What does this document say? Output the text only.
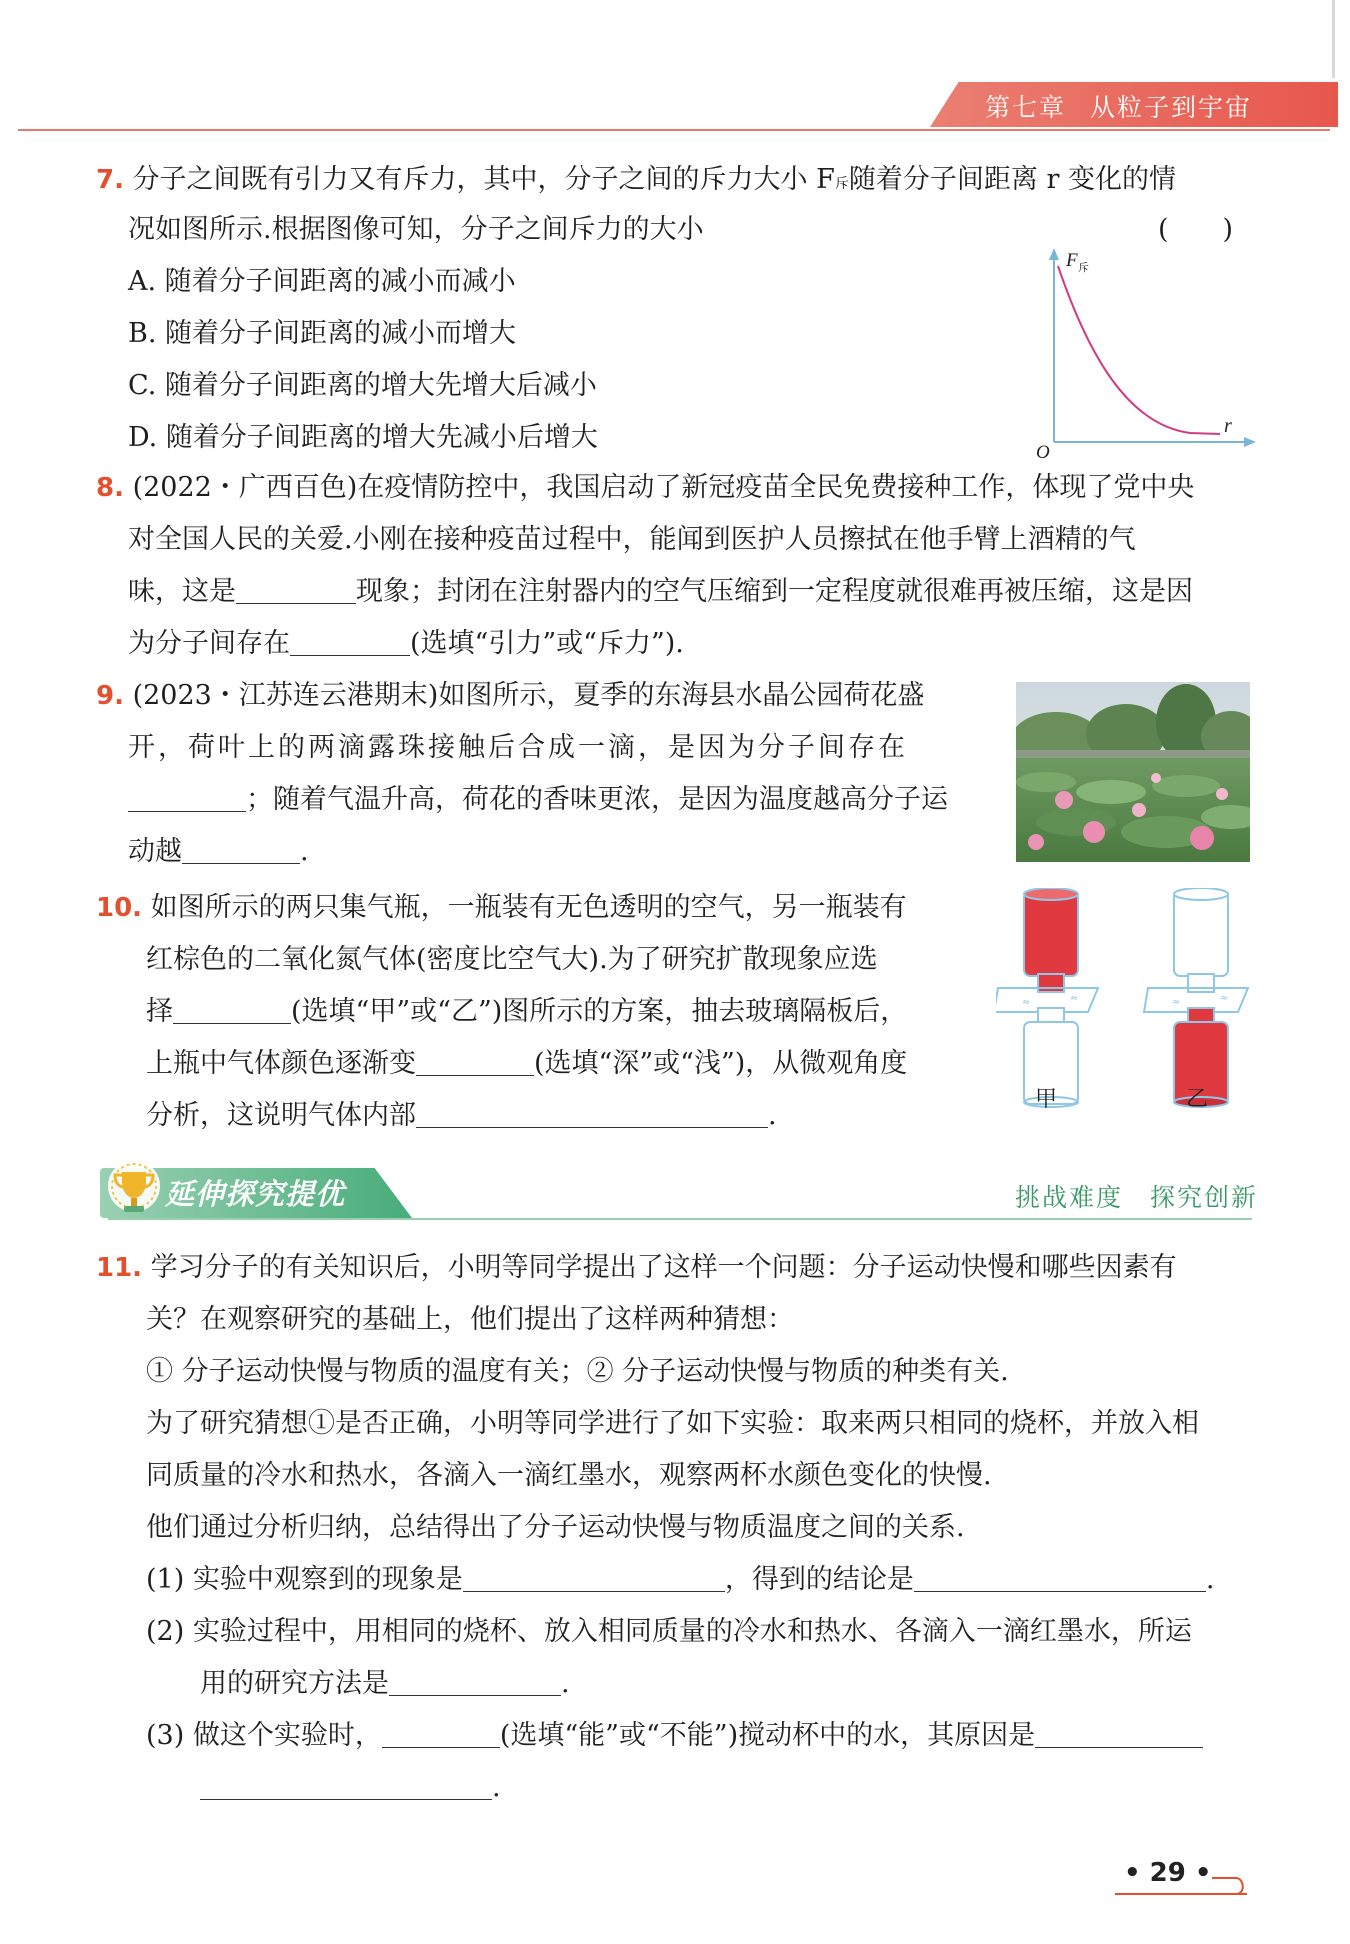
第七章 从粒子到宇宙
7. 分子之间既有引力又有斥力，其中，分子之间的斥力大小 F斥随着分子间距离 r 变化的情
况如图所示.根据图像可知，分子之间斥力的大小	(　　)
A. 随着分子间距离的减小而减小
B. 随着分子间距离的减小而增大
C. 随着分子间距离的增大先增大后减小
D. 随着分子间距离的增大先减小后增大
F 斥
r
O
8. (2022・广西百色)在疫情防控中，我国启动了新冠疫苗全民免费接种工作，体现了党中央
对全国人民的关爱.小刚在接种疫苗过程中，能闻到医护人员擦拭在他手臂上酒精的气
味，这是	现象；封闭在注射器内的空气压缩到一定程度就很难再被压缩，这是因
为分子间存在	(选填“引力”或“斥力”).
9. (2023・江苏连云港期末)如图所示，夏季的东海县水晶公园荷花盛
开，荷叶上的两滴露珠接触后合成一滴，是因为分子间存在
；随着气温升高，荷花的香味更浓，是因为温度越高分子运
动越	.
10. 如图所示的两只集气瓶，一瓶装有无色透明的空气，另一瓶装有
红棕色的二氧化氮气体(密度比空气大).为了研究扩散现象应选
择	(选填“甲”或“乙”)图所示的方案，抽去玻璃隔板后，
上瓶中气体颜色逐渐变	(选填“深”或“浅”)，从微观角度
分析，这说明气体内部	.
≈	≈	≈	≈
甲	乙
延伸探究提优	挑战难度　探究创新
11. 学习分子的有关知识后，小明等同学提出了这样一个问题：分子运动快慢和哪些因素有
关？在观察研究的基础上，他们提出了这样两种猜想：
① 分子运动快慢与物质的温度有关；② 分子运动快慢与物质的种类有关.
为了研究猜想①是否正确，小明等同学进行了如下实验：取来两只相同的烧杯，并放入相
同质量的冷水和热水，各滴入一滴红墨水，观察两杯水颜色变化的快慢.
他们通过分析归纳，总结得出了分子运动快慢与物质温度之间的关系.
(1) 实验中观察到的现象是	，得到的结论是	.
(2) 实验过程中，用相同的烧杯、放入相同质量的冷水和热水、各滴入一滴红墨水，所运
用的研究方法是	.
(3) 做这个实验时，	(选填“能”或“不能”)搅动杯中的水，其原因是
.
• 29 •
